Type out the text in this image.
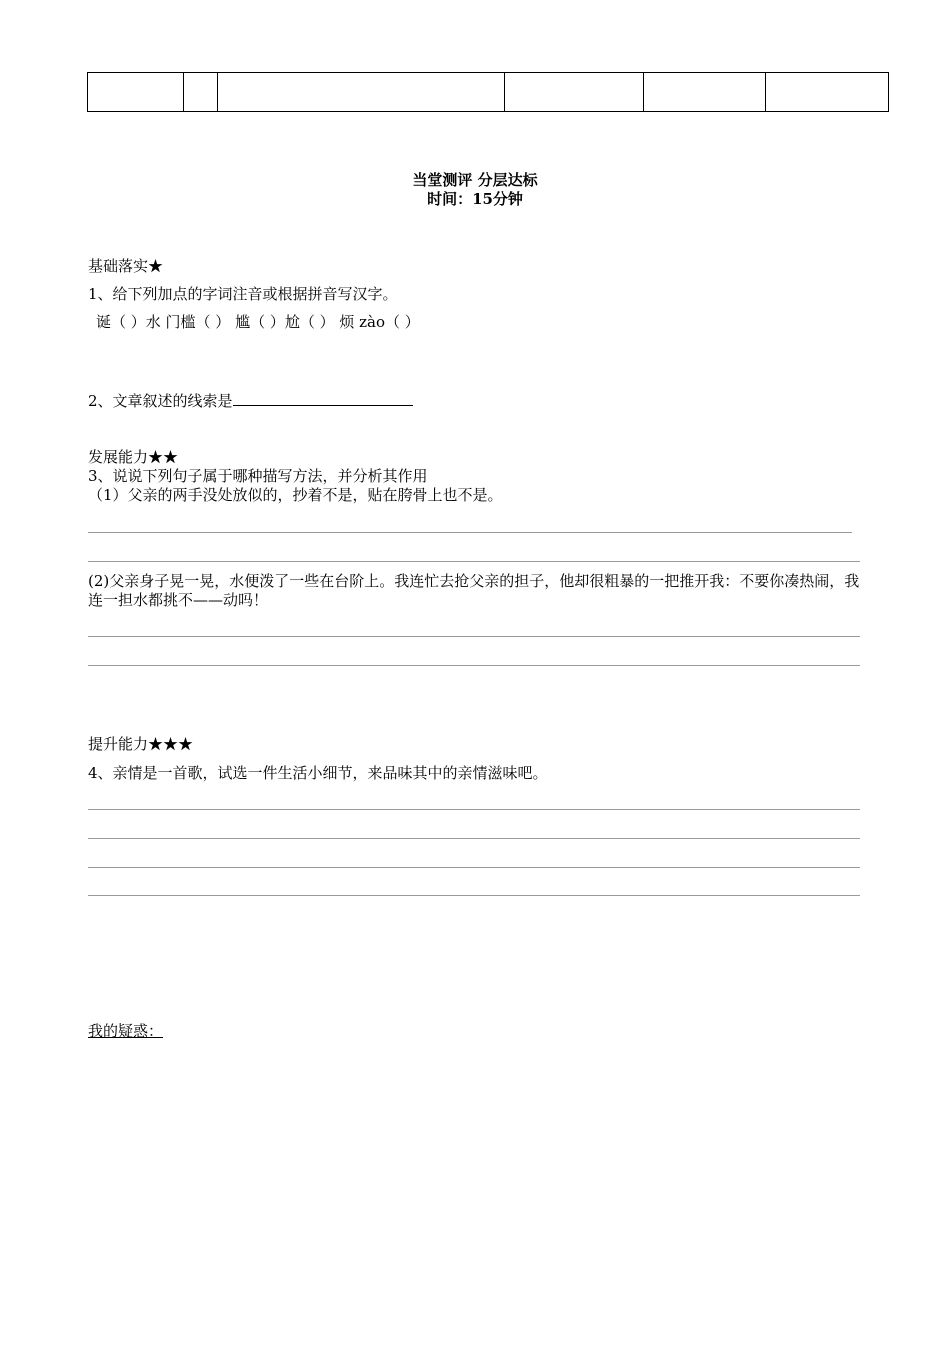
当堂测评 分层达标
时间：15分钟
基础落实★
1、给下列加点的字词注音或根据拼音写汉字。
诞（ ）水 门槛（ ） 尴（ ）尬（ ） 烦 zào（ ）
2、文章叙述的线索是
发展能力★★
3、说说下列句子属于哪种描写方法，并分析其作用
（1）父亲的两手没处放似的，抄着不是，贴在胯骨上也不是。
(2)父亲身子晃一晃，水便泼了一些在台阶上。我连忙去抢父亲的担子，他却很粗暴的一把推开我：不要你凑热闹，我连一担水都挑不——动吗！
提升能力★★★
4、亲情是一首歌，试选一件生活小细节，来品味其中的亲情滋味吧。
我的疑惑：
